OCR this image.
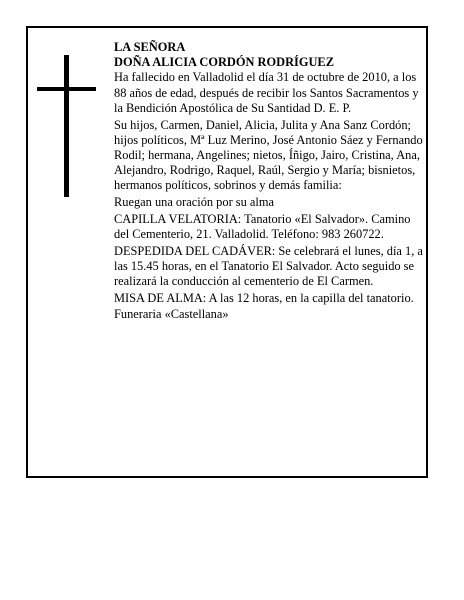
LA SEÑORA

DOÑA ALICIA CORDÓN RODRÍGUEZ

Ha fallecido en Valladolid el día 31 de octubre de 2010, a los 88 años de edad, después de recibir los Santos Sacramentos y la Bendición Apostólica de Su Santidad D. E. P.

Su hijos, Carmen, Daniel, Alicia, Julita y Ana Sanz Cordón; hijos políticos, Mª Luz Merino, José Antonio Sáez y Fernando Rodil; hermana, Angelines; nietos, Íñigo, Jairo, Cristina, Ana, Alejandro, Rodrigo, Raquel, Raúl, Sergio y María; bisnietos, hermanos políticos, sobrinos y demás familia:

Ruegan una oración por su alma

CAPILLA VELATORIA: Tanatorio «El Salvador». Camino del Cementerio, 21. Valladolid. Teléfono: 983 260722.

DESPEDIDA DEL CADÁVER: Se celebrará el lunes, día 1, a las 15.45 horas, en el Tanatorio El Salvador. Acto seguido se realizará la conducción al cementerio de El Carmen.

MISA DE ALMA: A las 12 horas, en la capilla del tanatorio.

Funeraria «Castellana»
